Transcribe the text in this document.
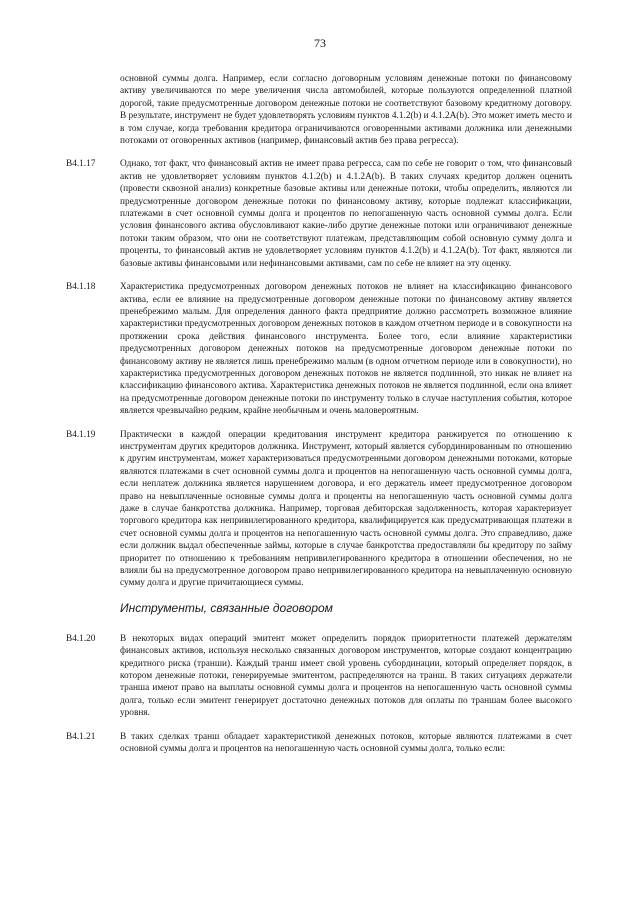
73
основной суммы долга. Например, если согласно договорным условиям денежные потоки по финансовому активу увеличиваются по мере увеличения числа автомобилей, которые пользуются определенной платной дорогой, такие предусмотренные договором денежные потоки не соответствуют базовому кредитному договору. В результате, инструмент не будет удовлетворять условиям пунктов 4.1.2(b) и 4.1.2A(b). Это может иметь место и в том случае, когда требования кредитора ограничиваются оговоренными активами должника или денежными потоками от оговоренных активов (например, финансовый актив без права регресса).
B4.1.17	Однако, тот факт, что финансовый актив не имеет права регресса, сам по себе не говорит о том, что финансовый актив не удовлетворяет условиям пунктов 4.1.2(b) и 4.1.2A(b). В таких случаях кредитор должен оценить (провести сквозной анализ) конкретные базовые активы или денежные потоки, чтобы определить, являются ли предусмотренные договором денежные потоки по финансовому активу, которые подлежат классификации, платежами в счет основной суммы долга и процентов по непогашенную часть основной суммы долга. Если условия финансового актива обусловливают какие-либо другие денежные потоки или ограничивают денежные потоки таким образом, что они не соответствуют платежам, представляющим собой основную сумму долга и проценты, то финансовый актив не удовлетворяет условиям пунктов 4.1.2(b) и 4.1.2A(b). Тот факт, являются ли базовые активы финансовыми или нефинансовыми активами, сам по себе не влияет на эту оценку.
B4.1.18	Характеристика предусмотренных договором денежных потоков не влияет на классификацию финансового актива, если ее влияние на предусмотренные договором денежные потоки по финансовому активу является пренебрежимо малым. Для определения данного факта предприятие должно рассмотреть возможное влияние характеристики предусмотренных договором денежных потоков в каждом отчетном периоде и в совокупности на протяжении срока действия финансового инструмента. Более того, если влияние характеристики предусмотренных договором денежных потоков на предусмотренные договором денежные потоки по финансовому активу не является лишь пренебрежимо малым (в одном отчетном периоде или в совокупности), но характеристика предусмотренных договором денежных потоков не является подлинной, это никак не влияет на классификацию финансового актива. Характеристика денежных потоков не является подлинной, если она влияет на предусмотренные договором денежные потоки по инструменту только в случае наступления события, которое является чрезвычайно редким, крайне необычным и очень маловероятным.
B4.1.19	Практически в каждой операции кредитования инструмент кредитора ранжируется по отношению к инструментам других кредиторов должника. Инструмент, который является субординированным по отношению к другим инструментам, может характеризоваться предусмотренными договором денежными потоками, которые являются платежами в счет основной суммы долга и процентов на непогашенную часть основной суммы долга, если неплатеж должника является нарушением договора, и его держатель имеет предусмотренное договором право на невыплаченные основные суммы долга и проценты на непогашенную часть основной суммы долга даже в случае банкротства должника. Например, торговая дебиторская задолженность, которая характеризует торгового кредитора как непривилегированного кредитора, квалифицируется как предусматривающая платежи в счет основной суммы долга и процентов на непогашенную часть основной суммы долга. Это справедливо, даже если должник выдал обеспеченные займы, которые в случае банкротства предоставляли бы кредитору по займу приоритет по отношению к требованиям непривилегированного кредитора в отношении обеспечения, но не влияли бы на предусмотренное договором право непривилегированного кредитора на невыплаченную основную сумму долга и другие причитающиеся суммы.
Инструменты, связанные договором
B4.1.20	В некоторых видах операций эмитент может определить порядок приоритетности платежей держателям финансовых активов, используя несколько связанных договором инструментов, которые создают концентрацию кредитного риска (транши). Каждый транш имеет свой уровень субординации, который определяет порядок, в котором денежные потоки, генерируемые эмитентом, распределяются на транш. В таких ситуациях держатели транша имеют право на выплаты основной суммы долга и процентов на непогашенную часть основной суммы долга, только если эмитент генерирует достаточно денежных потоков для оплаты по траншам более высокого уровня.
B4.1.21	В таких сделках транш обладает характеристикой денежных потоков, которые являются платежами в счет основной суммы долга и процентов на непогашенную часть основной суммы долга, только если:
